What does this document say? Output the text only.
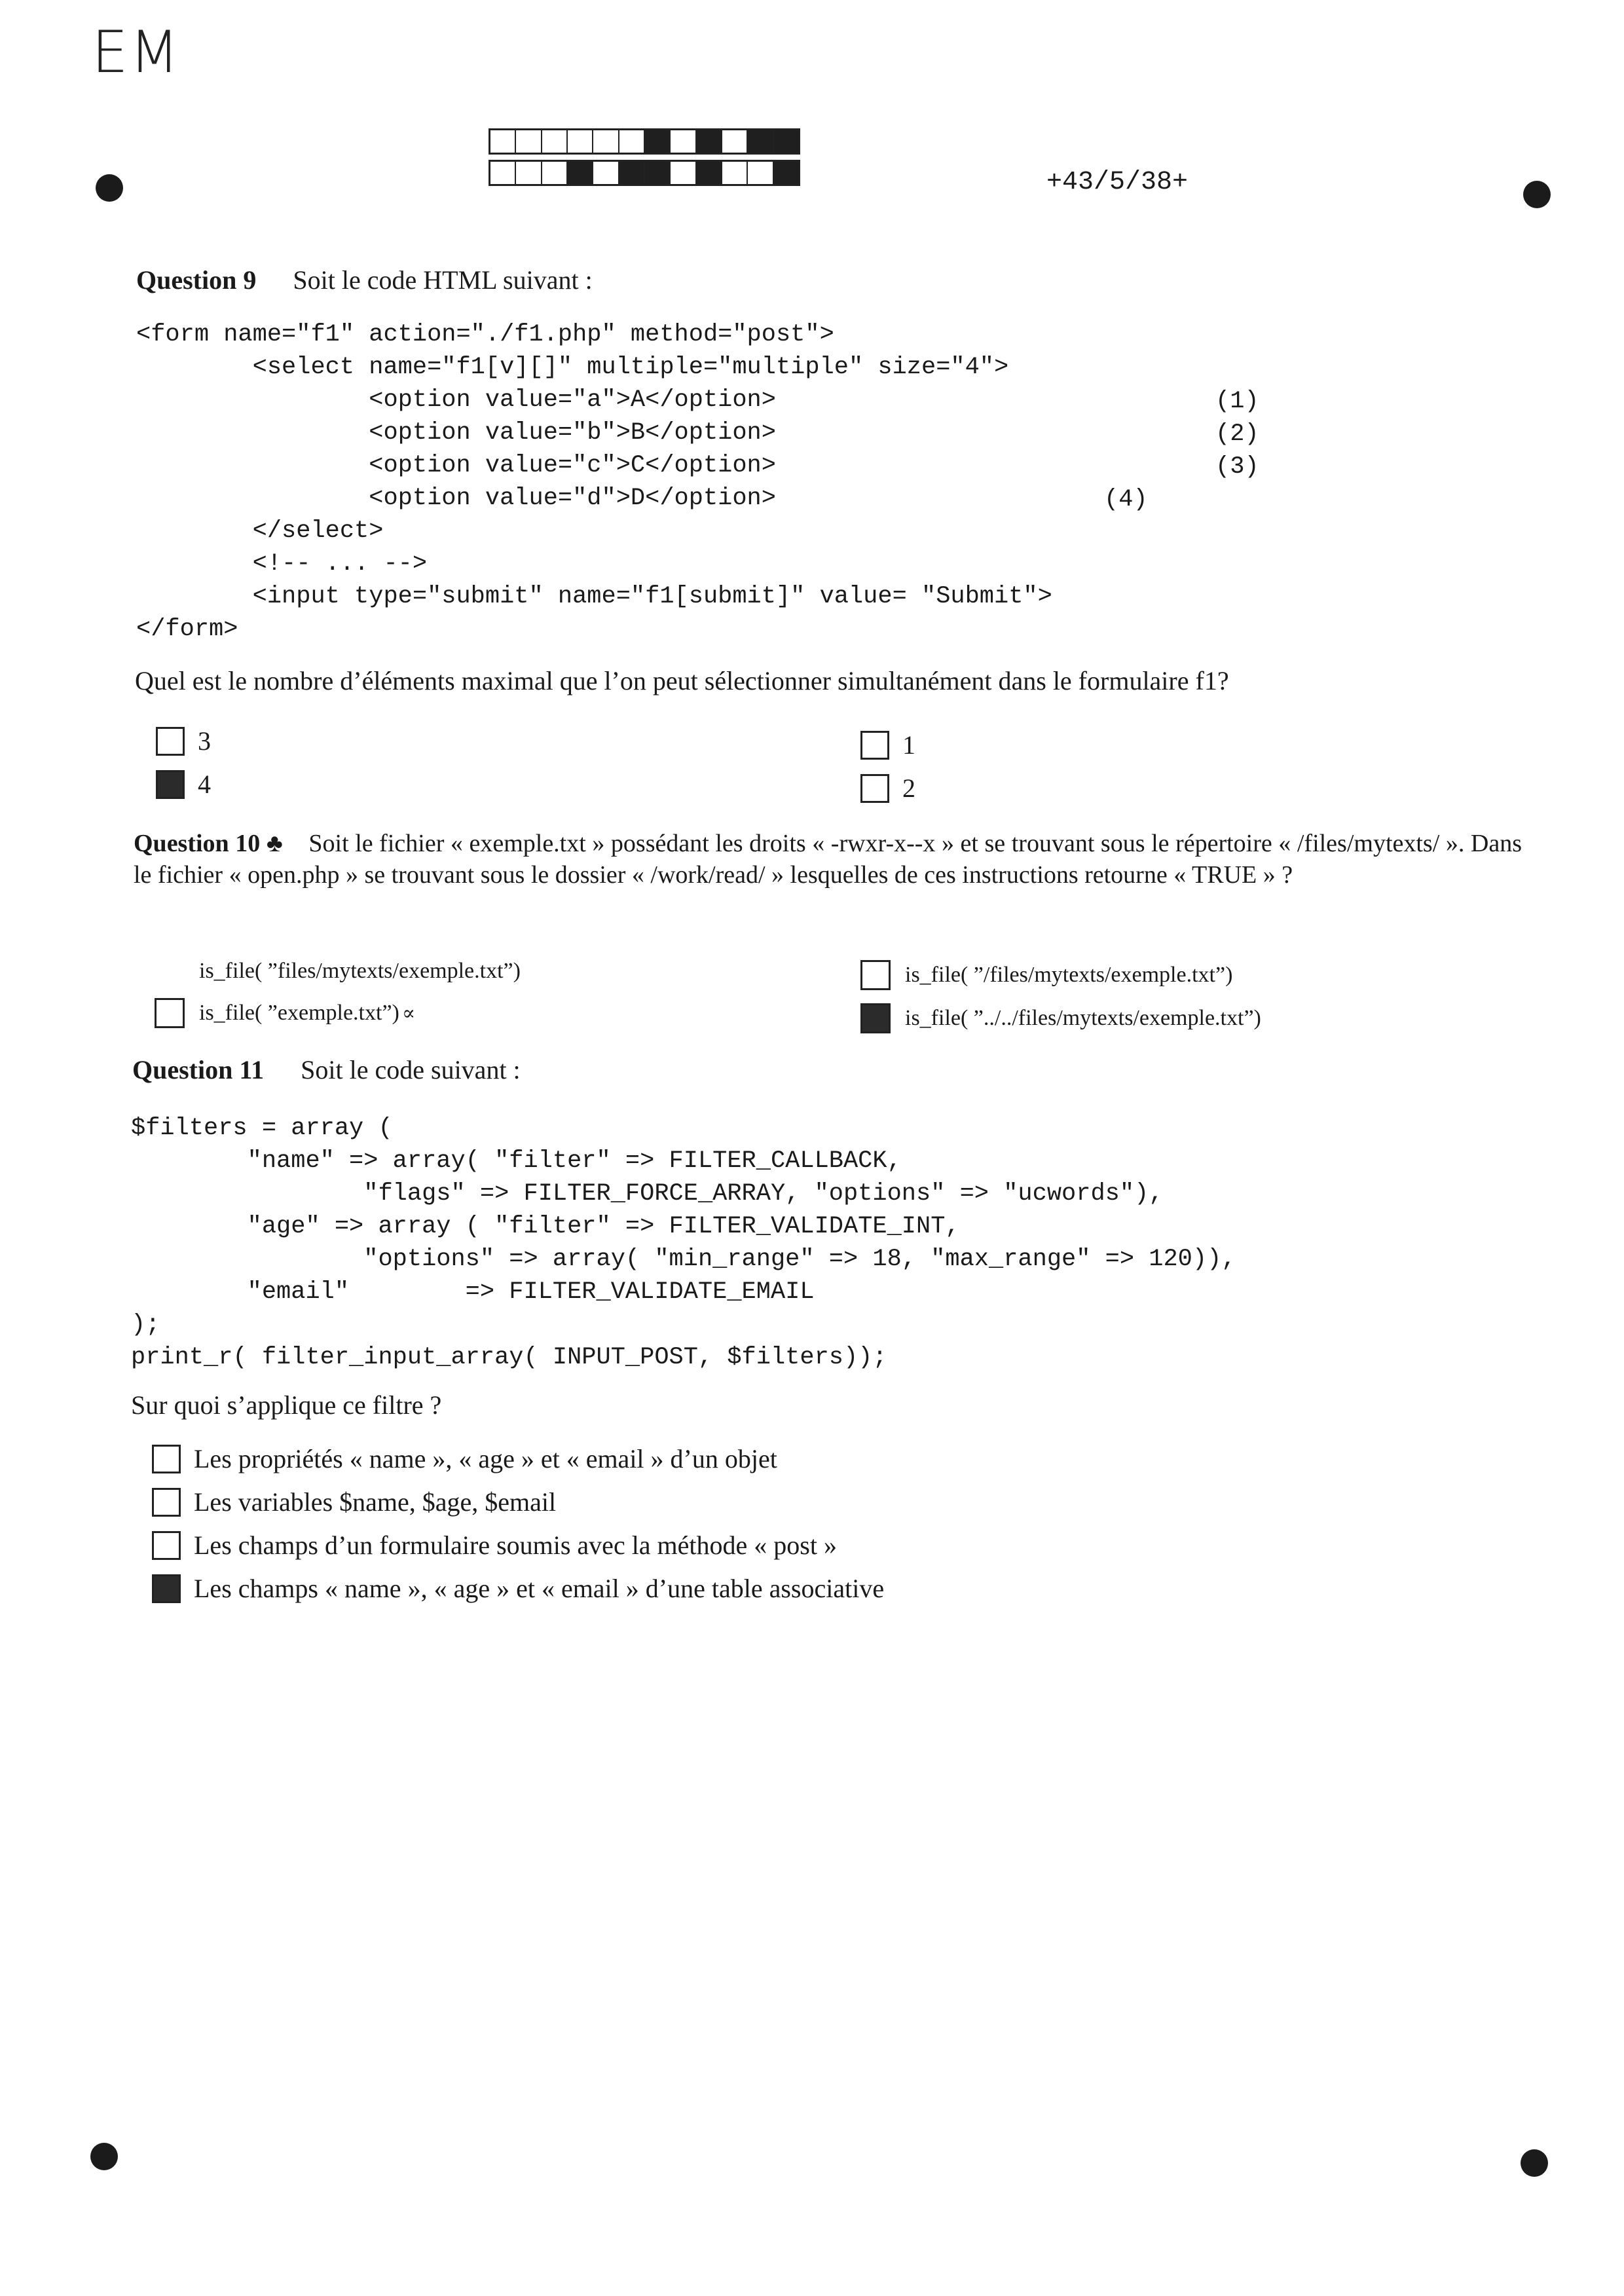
EM
+43/5/38+
Question 9 Soit le code HTML suivant :
<form name="f1" action="./f1.php" method="post">
<select name="f1[v][]" multiple="multiple" size="4">
<option value="a">A</option>
<option value="b">B</option>
<option value="c">C</option>
<option value="d">D</option>
</select>
<!-- ... -->
<input type="submit" name="f1[submit]" value= "Submit">
</form>
(1)
(2)
(3)
(4)
Quel est le nombre d’éléments maximal que l’on peut sélectionner simultanément dans le formulaire f1?
3	1
4	2
Question 10 ♣ Soit le fichier « exemple.txt » possédant les droits « -rwxr-x--x » et se trouvant sous le répertoire « /files/mytexts/ ». Dans le fichier « open.php » se trouvant sous le dossier « /work/read/ » lesquelles de ces instructions retourne « TRUE » ?
is_file( ”files/mytexts/exemple.txt”)	is_file( ”/files/mytexts/exemple.txt”)
is_file( ”exemple.txt”) ∝	is_file( ”../../files/mytexts/exemple.txt”)
Question 11 Soit le code suivant :
$filters = array (
"name" => array( "filter" => FILTER_CALLBACK,
"flags" => FILTER_FORCE_ARRAY, "options" => "ucwords"),
"age" => array ( "filter" => FILTER_VALIDATE_INT,
"options" => array( "min_range" => 18, "max_range" => 120)),
"email"        => FILTER_VALIDATE_EMAIL
);
print_r( filter_input_array( INPUT_POST, $filters));
Sur quoi s’applique ce filtre ?
Les propriétés « name », « age » et « email » d’un objet
Les variables $name, $age, $email
Les champs d’un formulaire soumis avec la méthode « post »
Les champs « name », « age » et « email » d’une table associative
